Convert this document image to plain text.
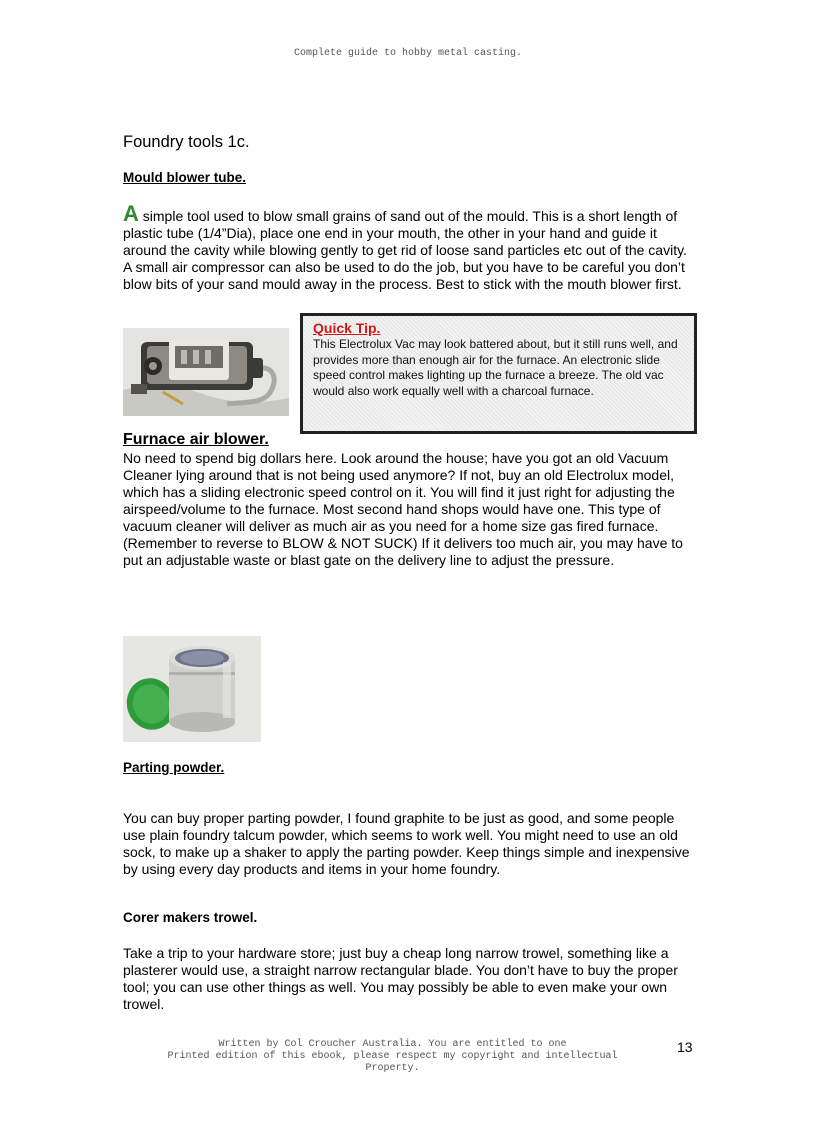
Complete guide to hobby metal casting.
Foundry tools 1c.
Mould blower tube.
A simple tool used to blow small grains of sand out of the mould. This is a short length of plastic tube (1/4”Dia), place one end in your mouth, the other in your hand and guide it around the cavity while blowing gently to get rid of loose sand particles etc out of the cavity. A small air compressor can also be used to do the job, but you have to be careful you don’t blow bits of your sand mould away in the process. Best to stick with the mouth blower first.
Quick Tip.
This Electrolux Vac may look battered about, but it still runs well, and provides more than enough air for the furnace. An electronic slide speed control makes lighting up the furnace a breeze. The old vac would also work equally well with a charcoal furnace.
Furnace air blower.
No need to spend big dollars here. Look around the house; have you got an old Vacuum Cleaner lying around that is not being used anymore? If not, buy an old Electrolux model, which has a sliding electronic speed control on it. You will find it just right for adjusting the airspeed/volume to the furnace. Most second hand shops would have one. This type of vacuum cleaner will deliver as much air as you need for a home size gas fired furnace. (Remember to reverse to BLOW & NOT SUCK) If it delivers too much air, you may have to put an adjustable waste or blast gate on the delivery line to adjust the pressure.
Parting powder.
You can buy proper parting powder, I found graphite to be just as good, and some people use plain foundry talcum powder, which seems to work well. You might need to use an old sock, to make up a shaker to apply the parting powder. Keep things simple and inexpensive by using every day products and items in your home foundry.
Corer makers trowel.
Take a trip to your hardware store; just buy a cheap long narrow trowel, something like a plasterer would use, a straight narrow rectangular blade. You don’t have to buy the proper tool; you can use other things as well. You may possibly be able to even make your own trowel.
Written by Col Croucher Australia. You are entitled to one
Printed edition of this ebook, please respect my copyright and intellectual
Property.
13
